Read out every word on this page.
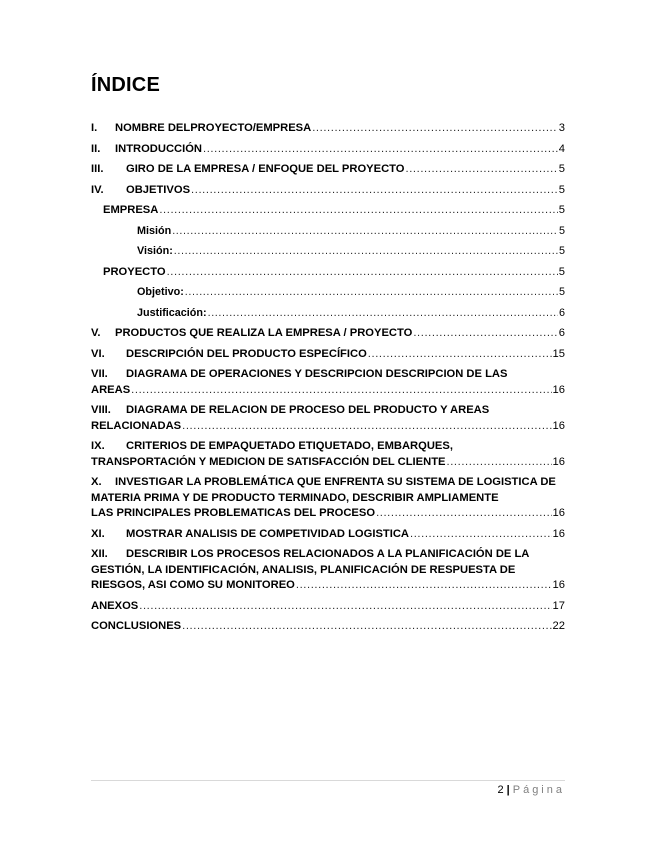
ÍNDICE
I.	NOMBRE DELPROYECTO/EMPRESA .....	3
II.	INTRODUCCIÓN .....	4
III.	GIRO DE LA EMPRESA / ENFOQUE DEL PROYECTO .....	5
IV.	OBJETIVOS .....	5
EMPRESA .....	5
Misión .....	5
Visión: .....	5
PROYECTO .....	5
Objetivo: .....	5
Justificación: .....	6
V.	PRODUCTOS QUE REALIZA LA EMPRESA / PROYECTO .....	6
VI.	DESCRIPCIÓN DEL PRODUCTO ESPECÍFICO .....	15
VII. DIAGRAMA DE OPERACIONES Y DESCRIPCION DESCRIPCION DE LAS
AREAS .....	16
VIII. DIAGRAMA DE RELACION DE PROCESO DEL PRODUCTO Y AREAS
RELACIONADAS .....	16
IX. CRITERIOS DE EMPAQUETADO ETIQUETADO, EMBARQUES,
TRANSPORTACIÓN Y MEDICION DE SATISFACCIÓN DEL CLIENTE .....	16
X. INVESTIGAR LA PROBLEMÁTICA QUE ENFRENTA SU SISTEMA DE LOGISTICA DE MATERIA PRIMA Y DE PRODUCTO TERMINADO, DESCRIBIR AMPLIAMENTE
LAS PRINCIPALES PROBLEMATICAS DEL PROCESO .....	16
XI.	MOSTRAR ANALISIS DE COMPETIVIDAD LOGISTICA .....	16
XII. DESCRIBIR LOS PROCESOS RELACIONADOS A LA PLANIFICACIÓN DE LA GESTIÓN, LA IDENTIFICACIÓN, ANALISIS, PLANIFICACIÓN DE RESPUESTA DE
RIESGOS, ASI COMO SU MONITOREO .....	16
ANEXOS .....	17
CONCLUSIONES .....	22
2 | Página
